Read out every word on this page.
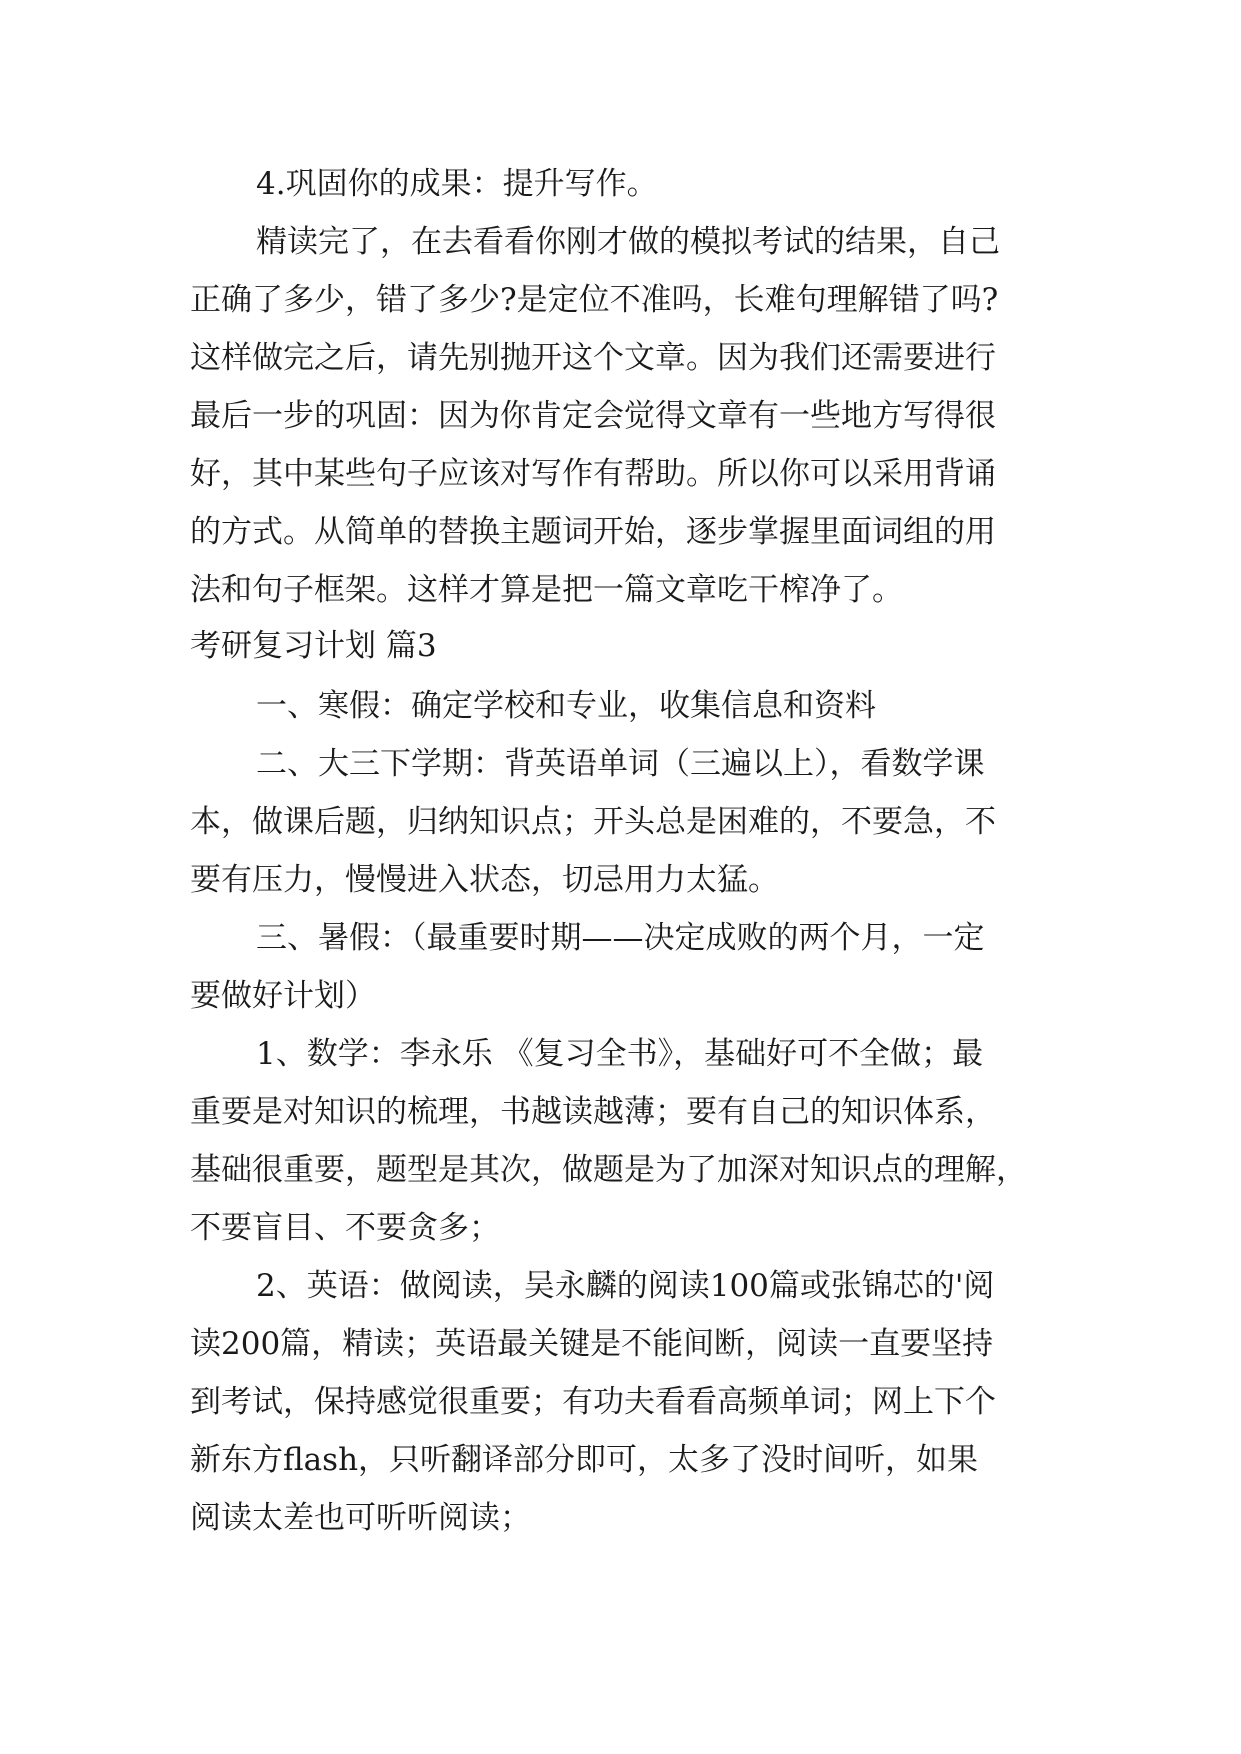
4.巩固你的成果：提升写作。
精读完了，在去看看你刚才做的模拟考试的结果，自己
正确了多少，错了多少?是定位不准吗，长难句理解错了吗?
这样做完之后，请先别抛开这个文章。因为我们还需要进行
最后一步的巩固：因为你肯定会觉得文章有一些地方写得很
好，其中某些句子应该对写作有帮助。所以你可以采用背诵
的方式。从简单的替换主题词开始，逐步掌握里面词组的用
法和句子框架。这样才算是把一篇文章吃干榨净了。
考研复习计划 篇3
一、寒假：确定学校和专业，收集信息和资料
二、大三下学期：背英语单词（三遍以上），看数学课
本，做课后题，归纳知识点；开头总是困难的，不要急，不
要有压力，慢慢进入状态，切忌用力太猛。
三、暑假：（最重要时期——决定成败的两个月，一定
要做好计划）
1、数学：李永乐 《复习全书》，基础好可不全做；最
重要是对知识的梳理，书越读越薄；要有自己的知识体系，
基础很重要，题型是其次，做题是为了加深对知识点的理解，
不要盲目、不要贪多；
2、英语：做阅读，吴永麟的阅读100篇或张锦芯的'阅
读200篇，精读；英语最关键是不能间断，阅读一直要坚持
到考试，保持感觉很重要；有功夫看看高频单词；网上下个
新东方flash，只听翻译部分即可，太多了没时间听，如果
阅读太差也可听听阅读；
